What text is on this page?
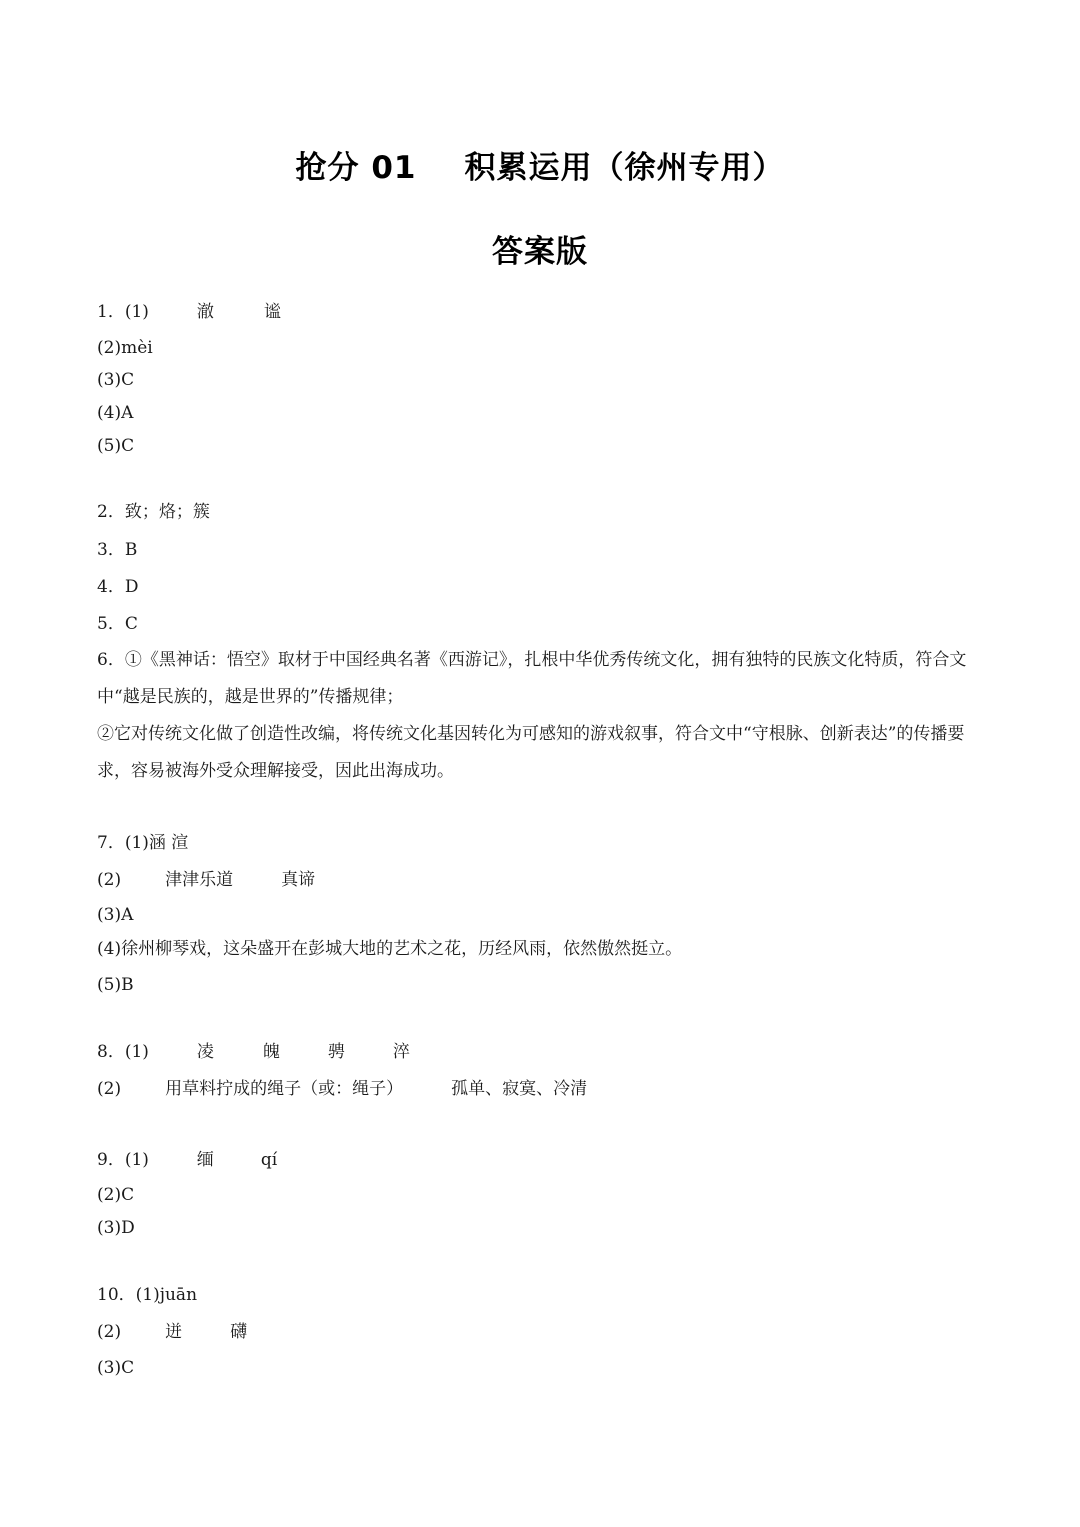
抢分 01 积累运用（徐州专用）
答案版
1．(1)	澈	谧
(2)mèi
(3)C
(4)A
(5)C
2．致；烙；簇
3．B
4．D
5．C
6．①《黑神话：悟空》取材于中国经典名著《西游记》，扎根中华优秀传统文化，拥有独特的民族文化特质，符合文中“越是民族的，越是世界的”传播规律；
②它对传统文化做了创造性改编，将传统文化基因转化为可感知的游戏叙事，符合文中“守根脉、创新表达”的传播要求，容易被海外受众理解接受，因此出海成功。
7．(1)涵 渲
(2)	津津乐道	真谛
(3)A
(4)徐州柳琴戏，这朵盛开在彭城大地的艺术之花，历经风雨，依然傲然挺立。
(5)B
8．(1)	凌	魄	骋	淬
(2)	用草料拧成的绳子（或：绳子）	孤单、寂寞、冷清
9．(1)	缅	qí
(2)C
(3)D
10．(1)juān
(2)	迸	礴
(3)C
